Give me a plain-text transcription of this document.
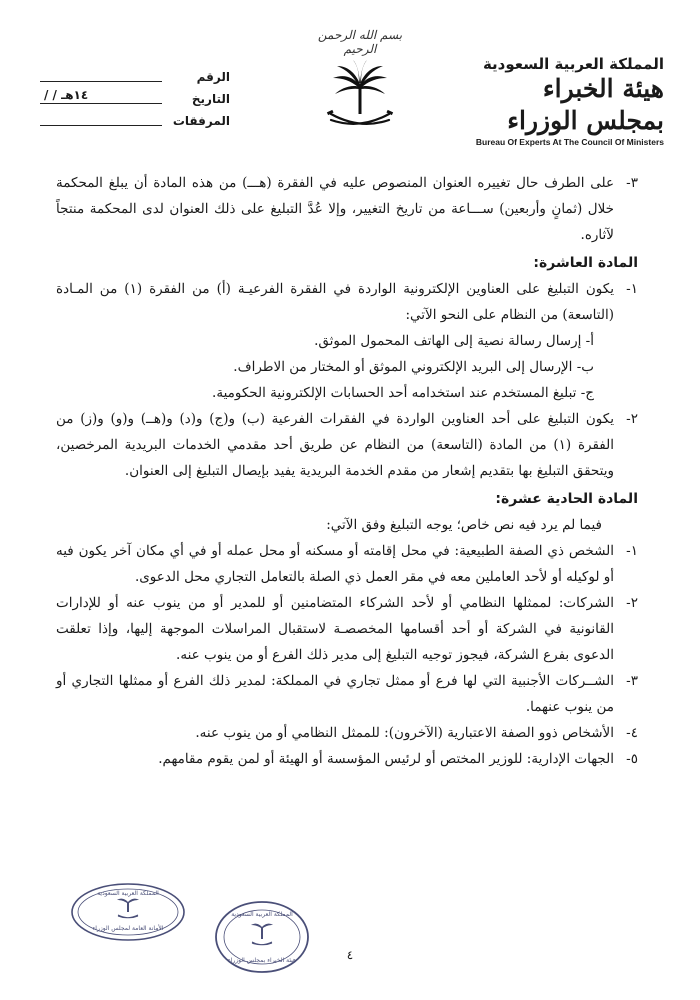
الرقم
التاريخ
/ / ١٤هـ
المرفقات
بسم الله الرحمن الرحيم
المملكة العربية السعودية
هيئة الخبراء بمجلس الوزراء
Bureau Of Experts At The Council Of Ministers

٣-
على الطرف حال تغييره العنوان المنصوص عليه في الفقرة (هـــ) من هذه المادة أن يبلغ المحكمة خلال (ثمانٍ وأربعين) ســـاعة من تاريخ التغيير، وإلا عُدَّ التبليغ على ذلك العنوان لدى المحكمة منتجاً لآثاره.

المادة العاشرة:

١-
يكون التبليغ على العناوين الإلكترونية الواردة في الفقرة الفرعيـة (أ) من الفقرة (١) من المـادة (التاسعة) من النظام على النحو الآتي:

أ- إرسال رسالة نصية إلى الهاتف المحمول الموثق.

ب- الإرسال إلى البريد الإلكتروني الموثق أو المختار من الاطراف.

ج- تبليغ المستخدم عند استخدامه أحد الحسابات الإلكترونية الحكومية.

٢-
يكون التبليغ على أحد العناوين الواردة في الفقرات الفرعية (ب) و(ج) و(د) و(هــ) و(و) و(ز) من الفقرة (١) من المادة (التاسعة) من النظام عن طريق أحد مقدمي الخدمات البريدية المرخصين، ويتحقق التبليغ بها بتقديم إشعار من مقدم الخدمة البريدية يفيد بإيصال التبليغ إلى العنوان.

المادة الحادية عشرة:

فيما لم يرد فيه نص خاص؛ يوجه التبليغ وفق الآتي:

١-
الشخص ذي الصفة الطبيعية: في محل إقامته أو مسكنه أو محل عمله أو في أي مكان آخر يكون فيه أو لوكيله أو لأحد العاملين معه في مقر العمل ذي الصلة بالتعامل التجاري محل الدعوى.

٢-
الشركات: لممثلها النظامي أو لأحد الشركاء المتضامنين أو للمدير أو من ينوب عنه أو للإدارات القانونية في الشركة أو أحد أقسامها المخصصـة لاستقبال المراسلات الموجهة إليها، وإذا تعلقت الدعوى بفرع الشركة، فيجوز توجيه التبليغ إلى مدير ذلك الفرع أو من ينوب عنه.

٣-
الشــركات الأجنبية التي لها فرع أو ممثل تجاري في المملكة: لمدير ذلك الفرع أو ممثلها التجاري أو من ينوب عنهما.

٤-
الأشخاص ذوو الصفة الاعتبارية (الآخرون): للممثل النظامي أو من ينوب عنه.

٥-
الجهات الإدارية: للوزير المختص أو لرئيس المؤسسة أو الهيئة أو لمن يقوم مقامهم.

المملكة العربية السعودية
الأمانة العامة لمجلس الوزراء
المملكة العربية السعودية
هيئة الخبراء بمجلس الوزراء	٤
